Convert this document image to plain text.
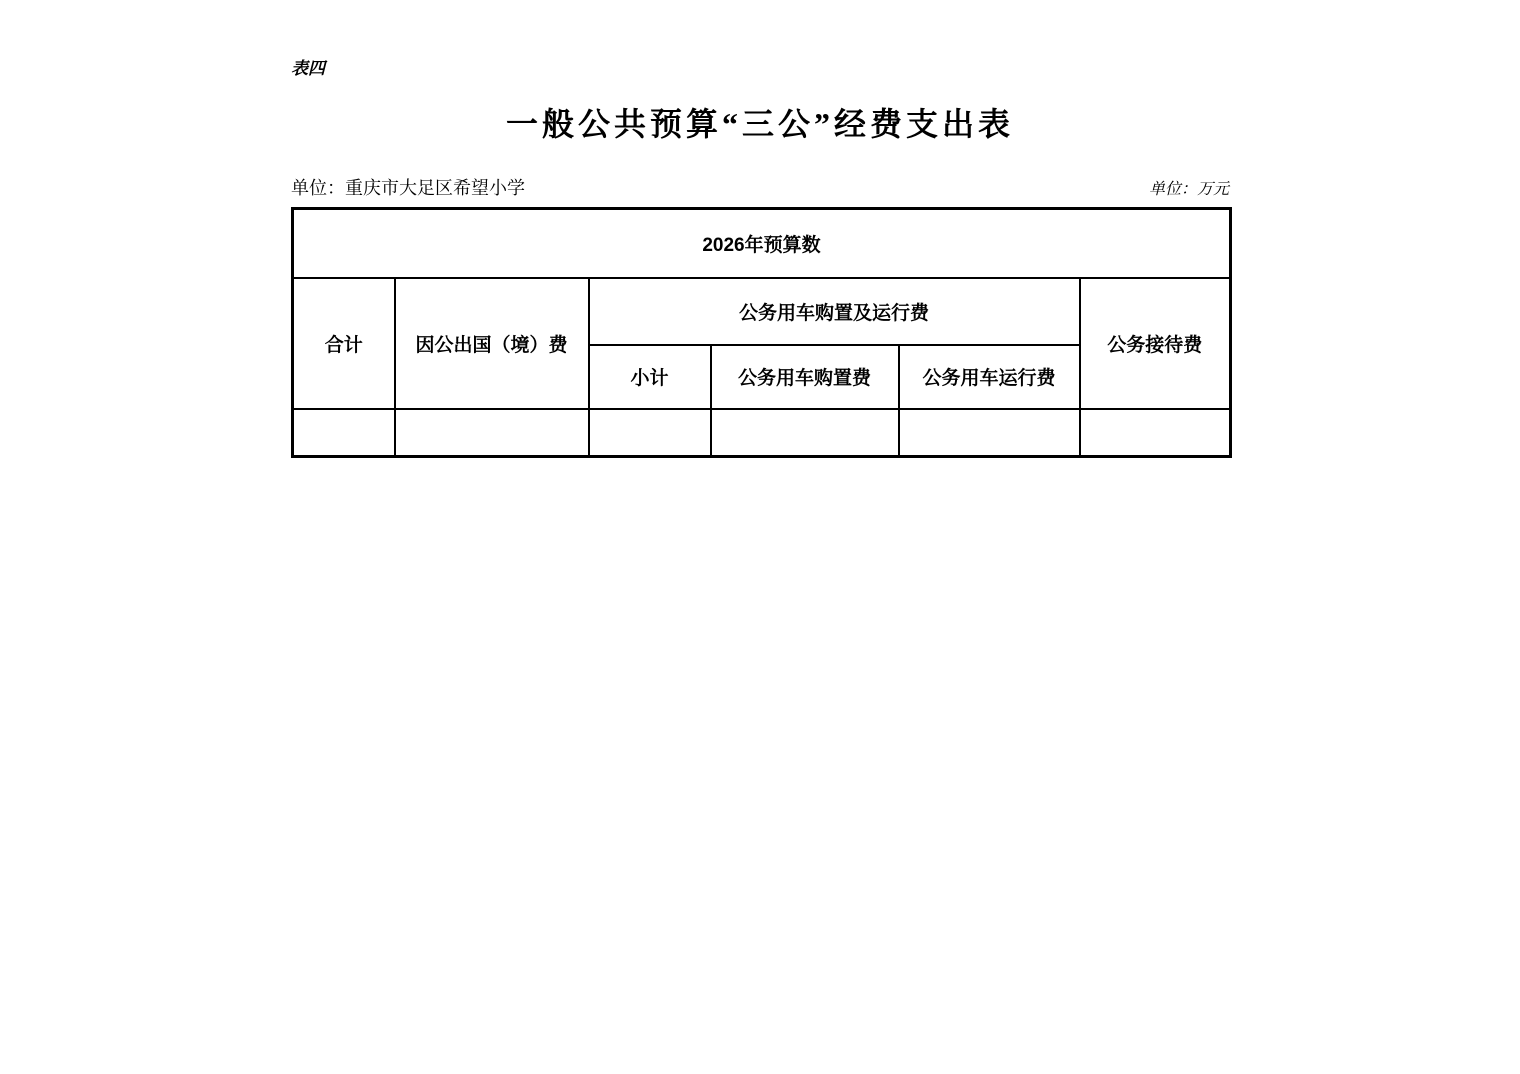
表四
一般公共预算“三公”经费支出表
单位：重庆市大足区希望小学	单位：万元
2026年预算数					
合计	因公出国（境）费	公务用车购置及运行费			公务接待费
		小计	公务用车购置费	公务用车运行费	
